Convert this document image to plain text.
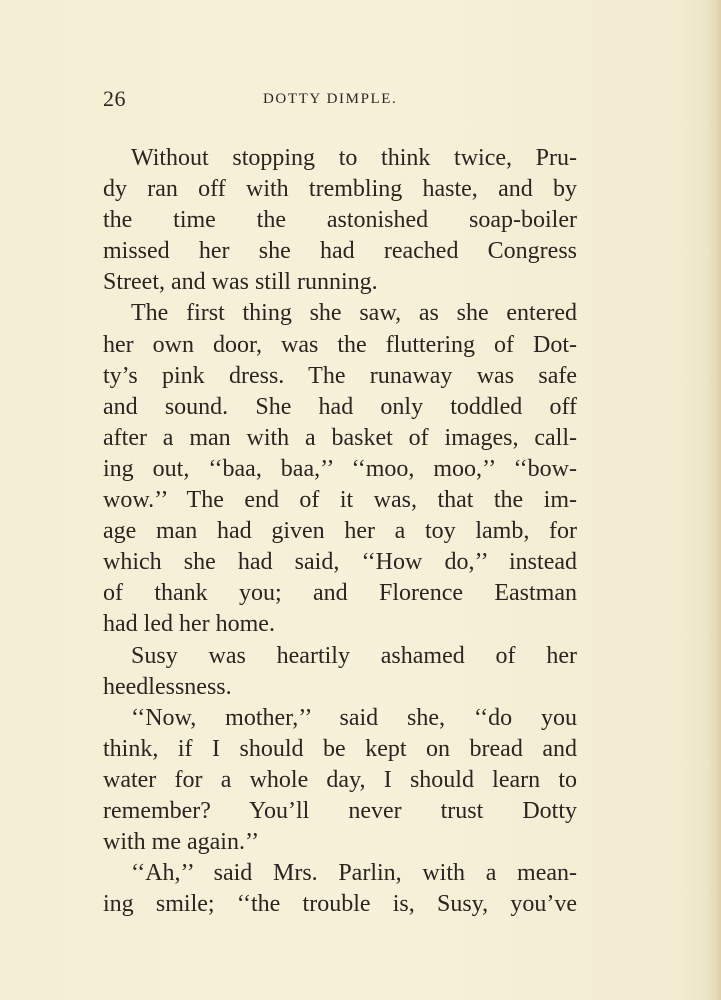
26	DOTTY DIMPLE.

Without stopping to think twice, Pru-
dy ran off with trembling haste, and by
the time the astonished soap-boiler
missed her she had reached Congress
Street, and was still running.

The first thing she saw, as she entered
her own door, was the fluttering of Dot-
ty’s pink dress. The runaway was safe
and sound. She had only toddled off
after a man with a basket of images, call-
ing out, ‘‘baa, baa,’’ ‘‘moo, moo,’’ ‘‘bow-
wow.’’ The end of it was, that the im-
age man had given her a toy lamb, for
which she had said, ‘‘How do,’’ instead
of thank you; and Florence Eastman
had led her home.

Susy was heartily ashamed of her
heedlessness.

‘‘Now, mother,’’ said she, ‘‘do you
think, if I should be kept on bread and
water for a whole day, I should learn to
remember? You’ll never trust Dotty
with me again.’’

‘‘Ah,’’ said Mrs. Parlin, with a mean-
ing smile; ‘‘the trouble is, Susy, you’ve
